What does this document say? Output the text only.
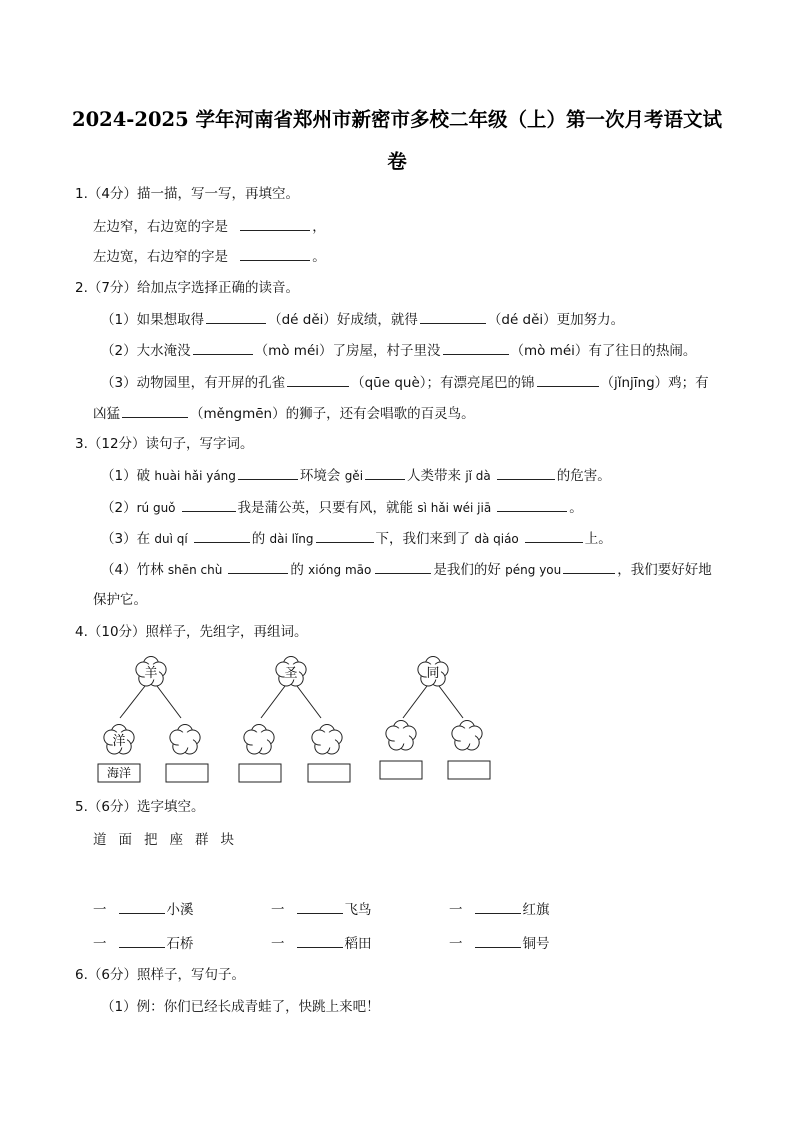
2024-2025 学年河南省郑州市新密市多校二年级（上）第一次月考语文试
卷
1.（4分）描一描，写一写，再填空。
左边窄，右边宽的字是	，
左边宽，右边窄的字是	。
2.（7分）给加点字选择正确的读音。
（1）如果想取得	（dé děi）好成绩，就得	（dé děi）更加努力。
（2）大水淹没	（mò méi）了房屋，村子里没	（mò méi）有了往日的热闹。
（3）动物园里，有开屏的孔雀	（qūe què）；有漂亮尾巴的锦	（jǐnjīng）鸡；有
凶猛	（měngmēn）的狮子，还有会唱歌的百灵鸟。
3.（12分）读句子，写字词。
（1）破 huài hǎi yáng	环境会 gěi	人类带来 jǐ dà	的危害。
（2）rú guǒ	我是蒲公英，只要有风，就能 sì hǎi wéi jiā	。
（3）在 duì qí	的 dài lǐng	下，我们来到了 dà qiáo	上。
（4）竹林 shēn chù	的 xióng māo	是我们的好 péng you	，我们要好好地
保护它。
4.（10分）照样子，先组字，再组词。
羊
洋
海洋
圣	同
5.（6分）选字填空。
道 面 把 座 群 块
一	小溪	一	飞鸟	一	红旗
一	石桥	一	稻田	一	铜号
6.（6分）照样子，写句子。
（1）例：你们已经长成青蛙了，快跳上来吧！
